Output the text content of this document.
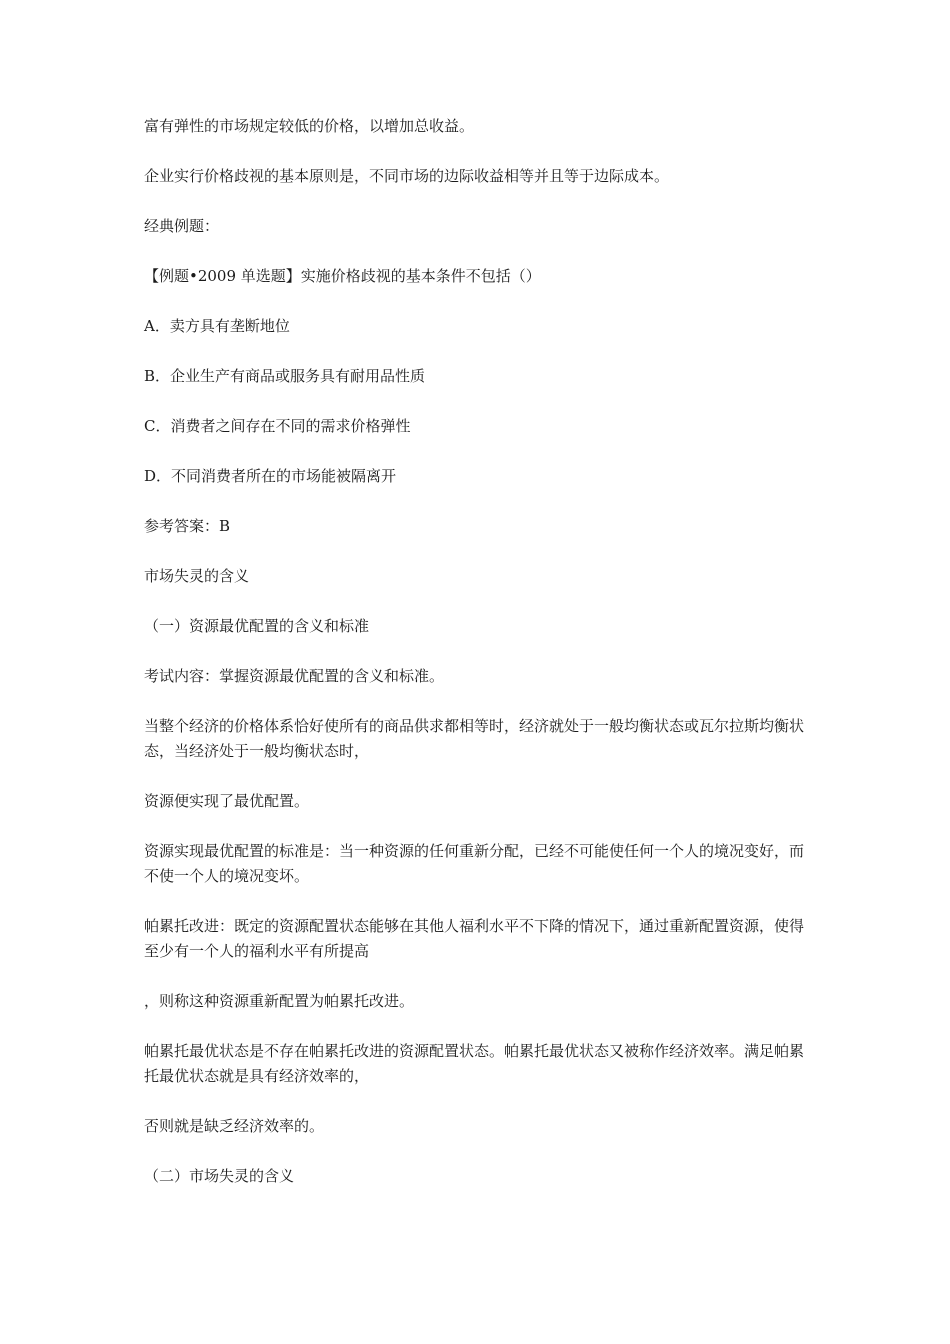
富有弹性的市场规定较低的价格，以增加总收益。

企业实行价格歧视的基本原则是，不同市场的边际收益相等并且等于边际成本。

经典例题：

【例题•2009 单选题】实施价格歧视的基本条件不包括（）

A．卖方具有垄断地位

B．企业生产有商品或服务具有耐用品性质

C．消费者之间存在不同的需求价格弹性

D．不同消费者所在的市场能被隔离开

参考答案：B

市场失灵的含义

（一）资源最优配置的含义和标准

考试内容：掌握资源最优配置的含义和标准。

当整个经济的价格体系恰好使所有的商品供求都相等时，经济就处于一般均衡状态或瓦尔拉斯均衡状态，当经济处于一般均衡状态时，

资源便实现了最优配置。

资源实现最优配置的标准是：当一种资源的任何重新分配，已经不可能使任何一个人的境况变好，而不使一个人的境况变坏。

帕累托改进：既定的资源配置状态能够在其他人福利水平不下降的情况下，通过重新配置资源，使得至少有一个人的福利水平有所提高

，则称这种资源重新配置为帕累托改进。

帕累托最优状态是不存在帕累托改进的资源配置状态。帕累托最优状态又被称作经济效率。满足帕累托最优状态就是具有经济效率的，

否则就是缺乏经济效率的。

（二）市场失灵的含义
